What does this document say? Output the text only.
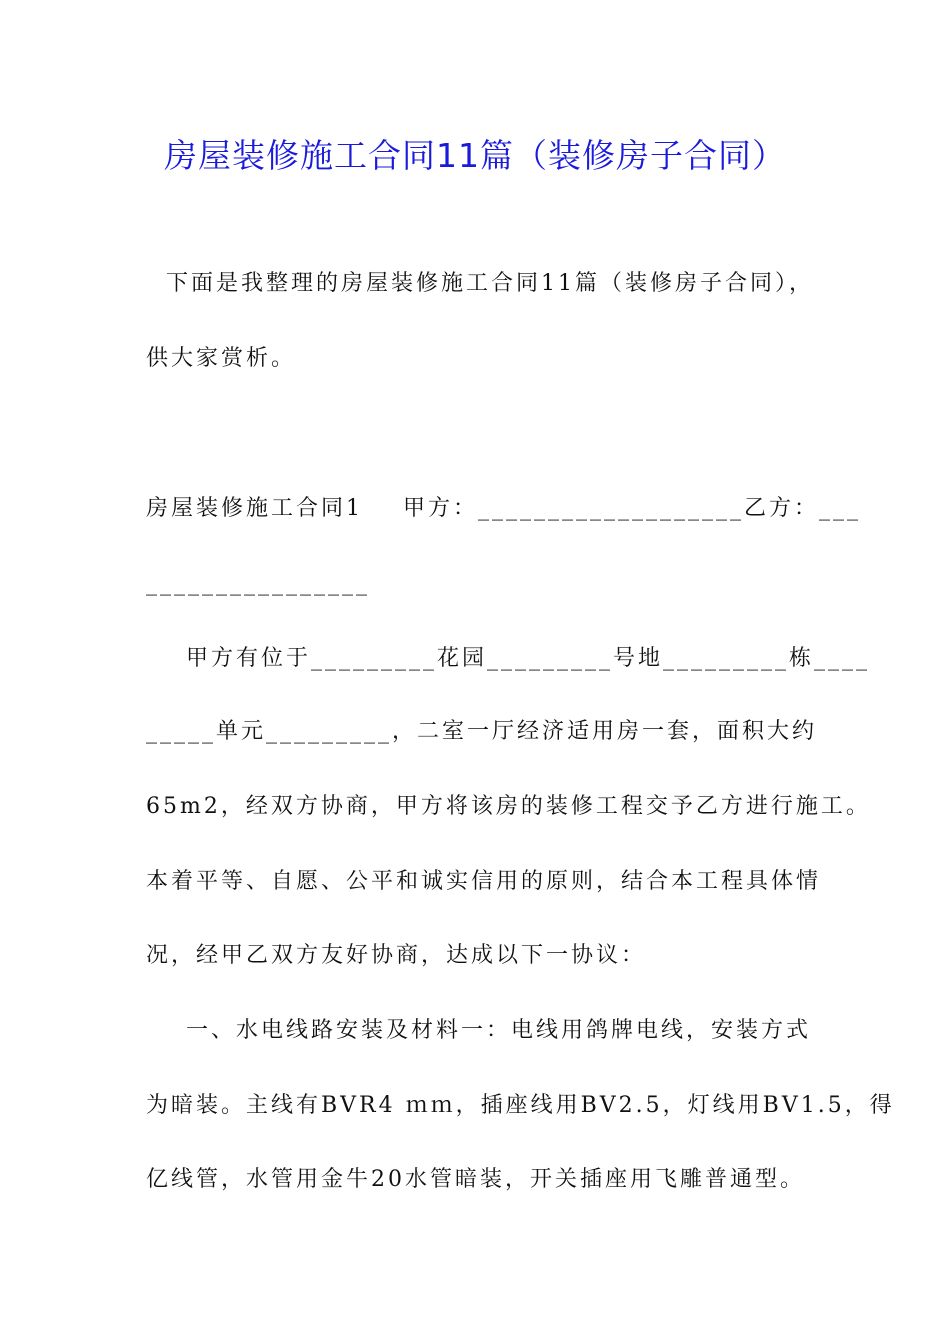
房屋装修施工合同11篇（装修房子合同）
下面是我整理的房屋装修施工合同11篇（装修房子合同），
供大家赏析。
房屋装修施工合同1    甲方：___________________乙方：___
________________
甲方有位于_________花园_________号地_________栋____
_____单元_________，二室一厅经济适用房一套，面积大约
65m2，经双方协商，甲方将该房的装修工程交予乙方进行施工。
本着平等、自愿、公平和诚实信用的原则，结合本工程具体情
况，经甲乙双方友好协商，达成以下一协议：
一、水电线路安装及材料一：电线用鸽牌电线，安装方式
为暗装。主线有BVR4 ｍｍ，插座线用BV2.5，灯线用BV1.5，得
亿线管，水管用金牛20水管暗装，开关插座用飞雕普通型。
